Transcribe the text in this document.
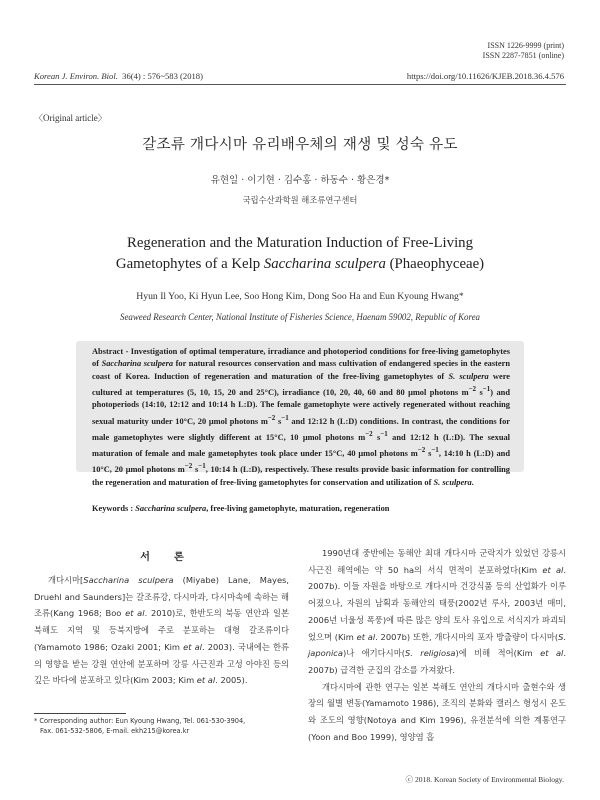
ISSN 1226-9999 (print)
ISSN 2287-7851 (online)
Korean J. Environ. Biol. 36(4) : 576~583 (2018)	https://doi.org/10.11626/KJEB.2018.36.4.576
〈Original article〉
갈조류 개다시마 유리배우체의 재생 및 성숙 유도
유현일 · 이기현 · 김수홍 · 하동수 · 황은경*
국립수산과학원 해조류연구센터
Regeneration and the Maturation Induction of Free-Living
Gametophytes of a Kelp Saccharina sculpera (Phaeophyceae)
Hyun Il Yoo, Ki Hyun Lee, Soo Hong Kim, Dong Soo Ha and Eun Kyoung Hwang*
Seaweed Research Center, National Institute of Fisheries Science, Haenam 59002, Republic of Korea
Abstract - Investigation of optimal temperature, irradiance and photoperiod conditions for free-living gametophytes of Saccharina sculpera for natural resources conservation and mass cultivation of endangered species in the eastern coast of Korea. Induction of regeneration and maturation of the free-living gametophytes of S. sculpera were cultured at temperatures (5, 10, 15, 20 and 25°C), irradiance (10, 20, 40, 60 and 80 μmol photons $m^{-2}$ $s^{-1}$) and photoperiods (14:10, 12:12 and 10:14 h L:D). The female gametophyte were actively regenerated without reaching sexual maturity under 10°C, 20 μmol photons $m^{-2}$ $s^{-1}$ and 12:12 h (L:D) conditions. In contrast, the conditions for male gametophytes were slightly different at 15°C, 10 μmol photons $m^{-2}$ $s^{-1}$ and 12:12 h (L:D). The sexual maturation of female and male gametophytes took place under 15°C, 40 μmol photons $m^{-2}$ $s^{-1}$, 14:10 h (L:D) and 10°C, 20 μmol photons $m^{-2}$ $s^{-1}$, 10:14 h (L:D), respectively. These results provide basic information for controlling the regeneration and maturation of free-living gametophytes for conservation and utilization of S. sculpera.
Keywords : Saccharina sculpera, free-living gametophyte, maturation, regeneration
서론

개다시마[Saccharina sculpera (Miyabe) Lane, Mayes, Druehl and Saunders]는 갈조류강, 다시마과, 다시마속에 속하는 해조류(Kang 1968; Boo et al. 2010)로, 한반도의 북동 연안과 일본 북해도 지역 및 등북지방에 주로 분포하는 대형 갈조류이다(Yamamoto 1986; Ozaki 2001; Kim et al. 2003). 국내에는 한류의 영향을 받는 강원 연안에 분포하며 강릉 사근진과 고성 아야진 등의 깊은 바다에 분포하고 있다(Kim 2003; Kim et al. 2005).

1990년대 중반에는 동해안 최대 개다시마 군락지가 있었던 강릉시 사근진 해역에는 약 50 ha의 서식 면적이 분포하였다(Kim et al. 2007b). 이들 자원을 바탕으로 개다시마 건강식품 등의 산업화가 이루어졌으나, 자원의 남획과 동해안의 태풍(2002년 루사, 2003년 매미, 2006년 너울성 폭풍)에 따른 많은 양의 토사 유입으로 서식지가 파괴되었으며 (Kim et al. 2007b) 또한, 개다시마의 포자 방출량이 다시마(S. japonica)나 애기다시마(S. religiosa)에 비해 적어(Kim et al. 2007b) 급격한 군집의 감소를 가져왔다.

개다시마에 관한 연구는 일본 북해도 연안의 개다시마 출현수와 생장의 월별 변동(Yamamoto 1986), 조직의 분화와 캘러스 형성시 온도와 조도의 영향(Notoya and Kim 1996), 유전분석에 의한 계통연구(Yoon and Boo 1999), 영양염 흡

* Corresponding author: Eun Kyoung Hwang, Tel. 061-530-3904,
Fax. 061-532-5806, E-mail. ekh215@korea.kr
ⓒ 2018. Korean Society of Environmental Biology.
